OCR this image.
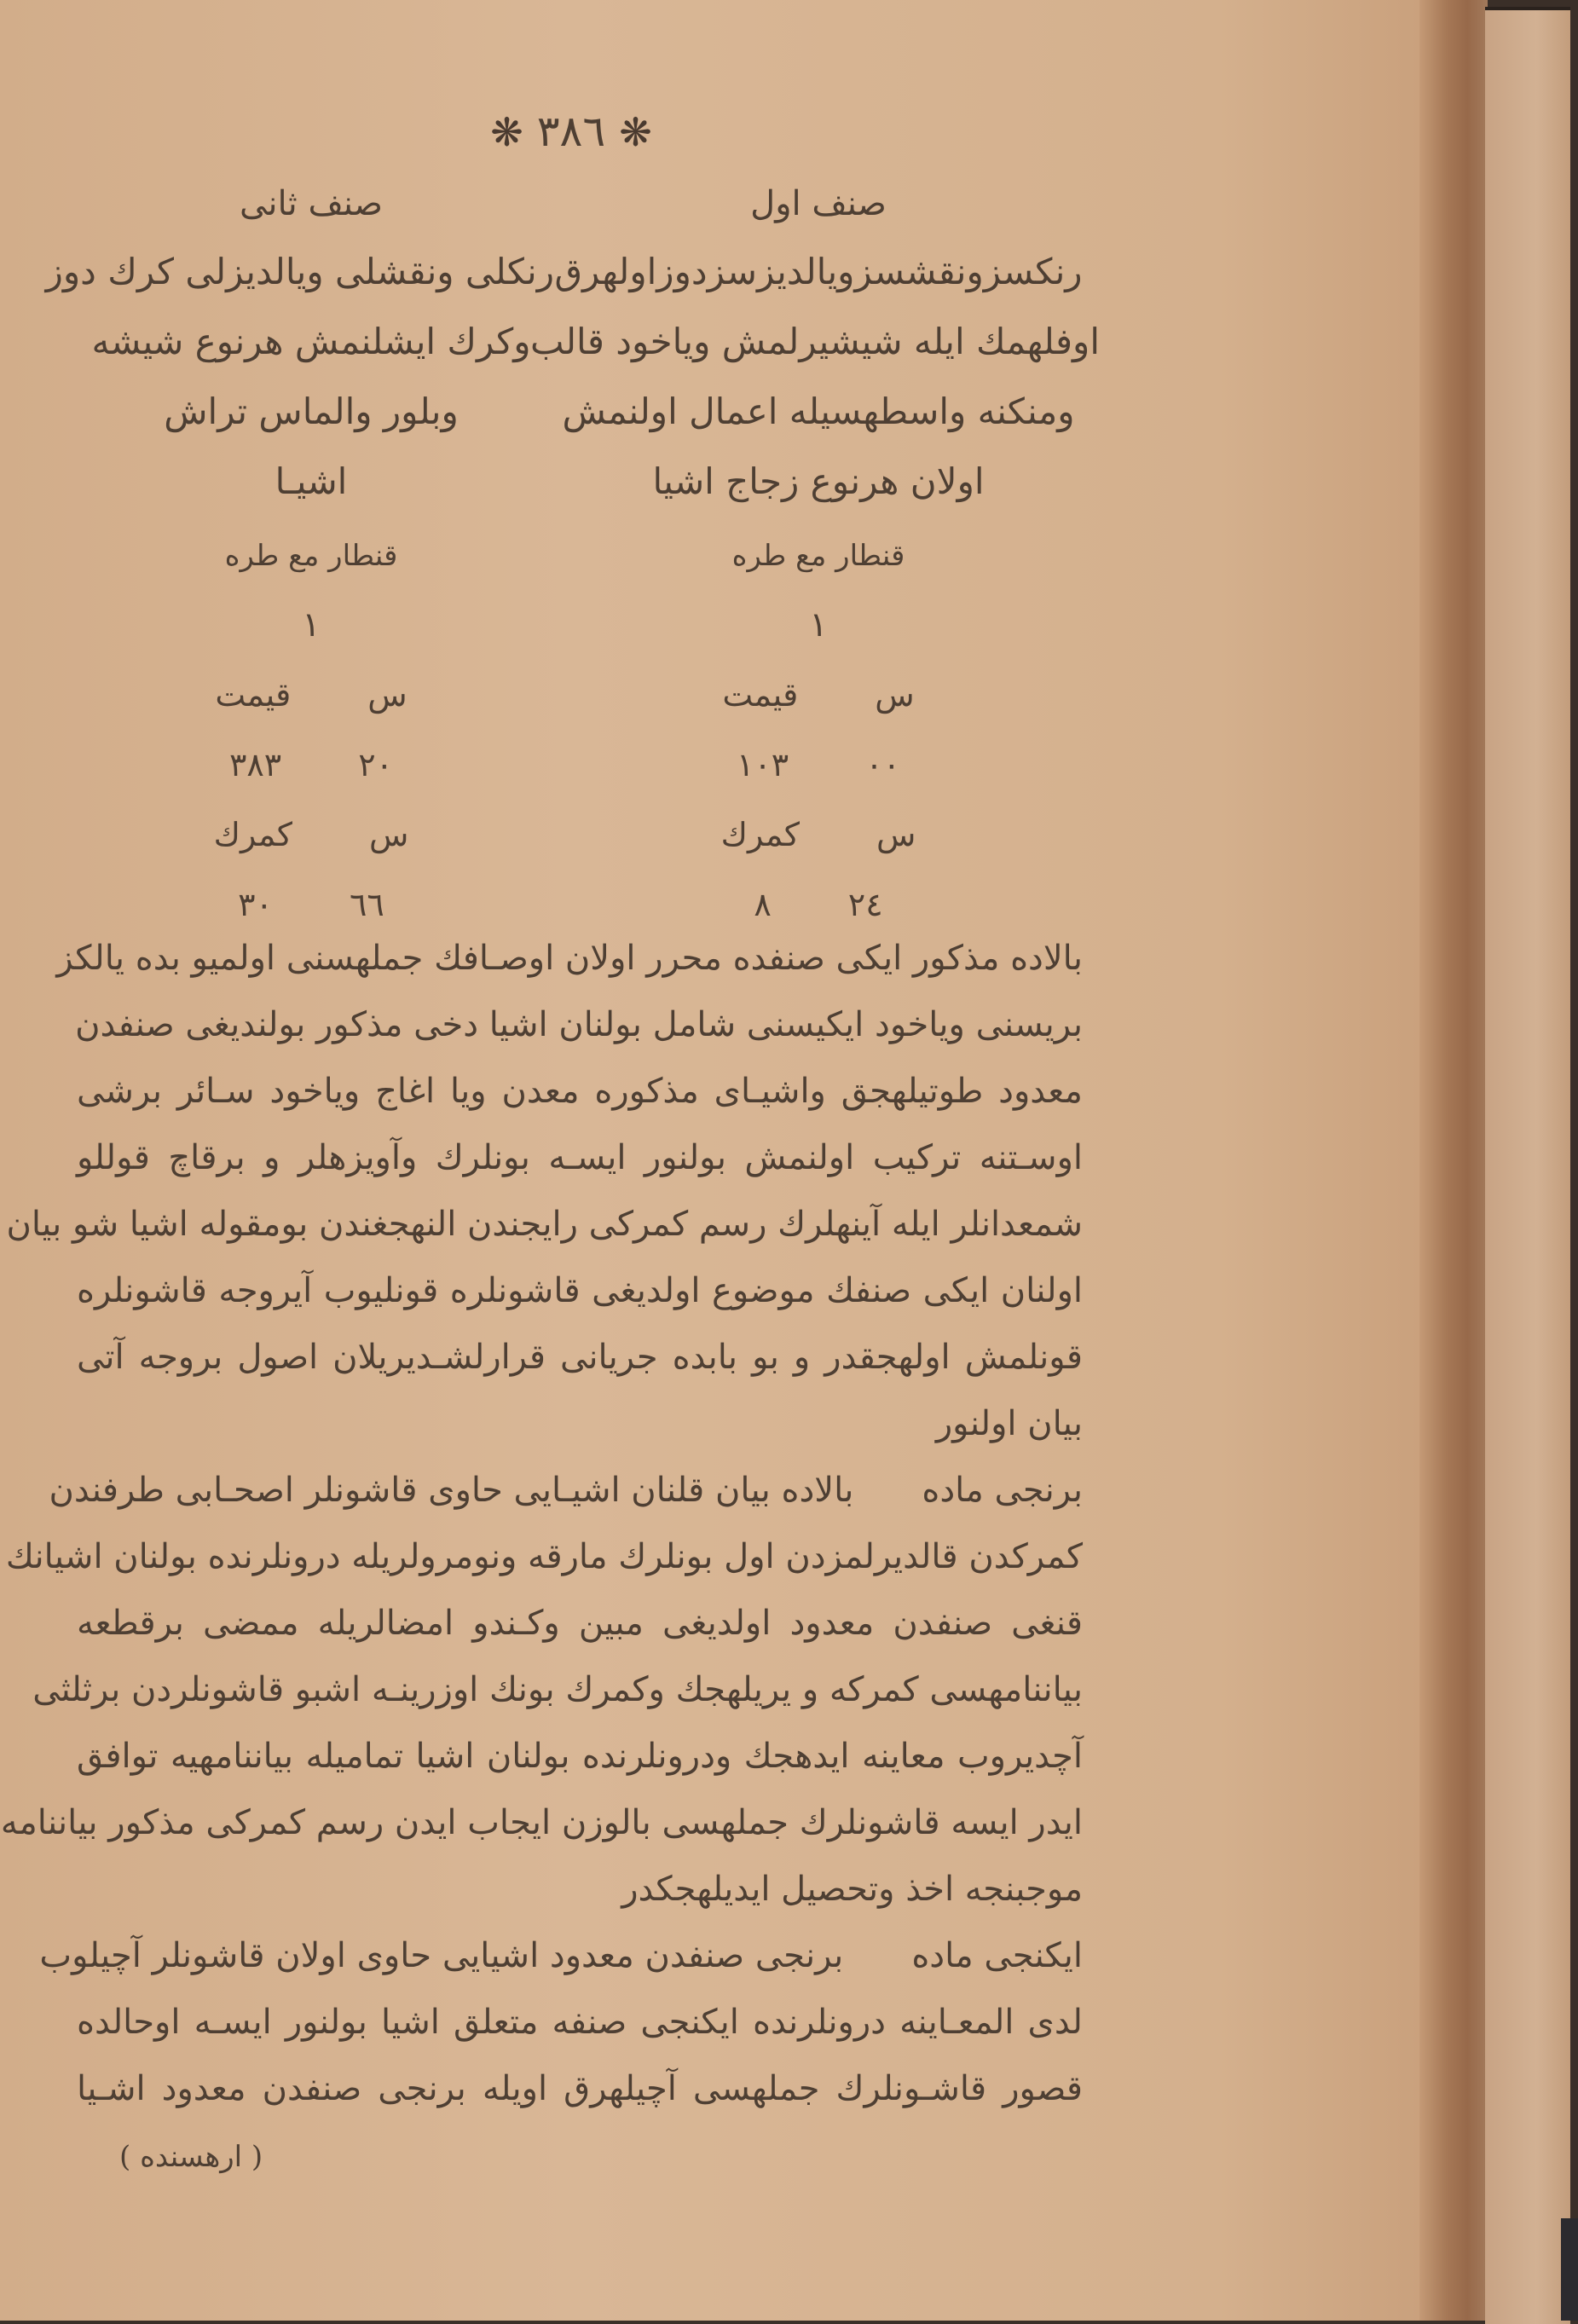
❋ ٣٨٦ ❋
صنف اول
رنكسزونقشسزويالديزسزدوزاولهرق
اوفلهمك ايله شيشيرلمش وياخود قالب
ومنكنه واسطهسيله اعمال اولنمش
اولان هرنوع زجاج اشيا
قنطار مع طره
١
س
قيمت
٠٠
١٠٣
س
كمرك
٢٤
٨
صنف ثانى
رنكلى ونقشلى ويالديزلى كرك دوز
وكرك ايشلنمش هرنوع شيشه
وبلور والماس تراش
اشيـا
قنطار مع طره
١
س
قيمت
٢٠
٣٨٣
س
كمرك
٦٦
٣٠

بالاده مذكور ايكى صنفده محرر اولان اوصـافك جملهسنى اولميو بده يالكز
بريسنى وياخود ايكيسنى شامل بولنان اشيا دخى مذكور بولنديغى صنفدن
معدود طوتيلهجق واشيـاى مذكوره معدن ويا اغاج وياخود سـائر برشى
اوسـتنه تركيب اولنمش بولنور ايسـه بونلرك وآويزهلر و برقاچ قوللو
شمعدانلر ايله آينهلرك رسم كمركى رايجندن النهجغندن بومقوله اشيا شو بيان
اولنان ايكى صنفك موضوع اولديغى قاشونلره قونليوب آيروجه قاشونلره
قونلمش اولهجقدر و بو بابده جريانى قرارلشـديريلان اصول بروجه آتى
بيان اولنور

برنجى مادهبالاده بيان قلنان اشيـايى حاوى قاشونلر اصحـابى طرفندن
كمركدن قالديرلمزدن اول بونلرك مارقه ونومرولريله درونلرنده بولنان اشيانك
قنغى صنفدن معدود اولديغى مبين وكـندو امضالريله ممضى برقطعه
بياننامهسى كمركه و يريلهجك وكمرك بونك اوزرينـه اشبو قاشونلردن برثلثى
آچديروب معاينه ايدهجك ودرونلرنده بولنان اشيا تماميله بياننامهيه توافق
ايدر ايسه قاشونلرك جملهسى بالوزن ايجاب ايدن رسم كمركى مذكور بياننامه
موجبنجه اخذ وتحصيل ايديلهجكدر

ايكنجى مادهبرنجى صنفدن معدود اشيايى حاوى اولان قاشونلر آچيلوب
لدى المعـاينه درونلرنده ايكنجى صنفه متعلق اشيا بولنور ايسـه اوحالده
قصور قاشـونلرك جملهسى آچيلهرق اويله برنجى صنفدن معدود اشـيا

( ارهسنده )
